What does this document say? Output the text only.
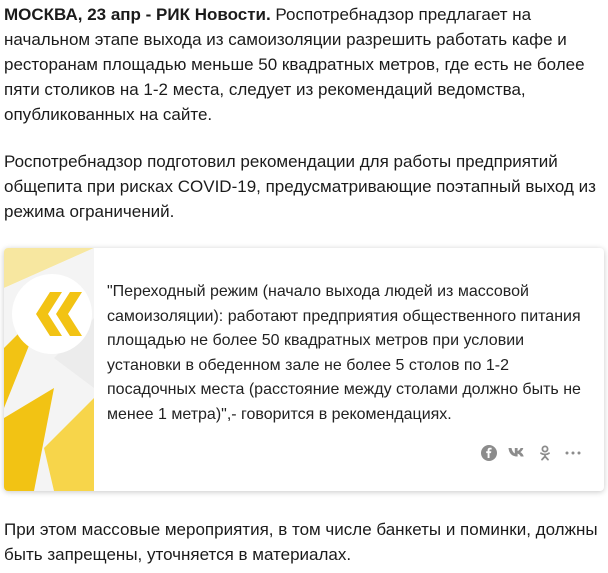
МОСКВА, 23 апр - РИК Новости. Роспотребнадзор предлагает на начальном этапе выхода из самоизоляции разрешить работать кафе и ресторанам площадью меньше 50 квадратных метров, где есть не более пяти столиков на 1-2 места, следует из рекомендаций ведомства, опубликованных на сайте.

Роспотребнадзор подготовил рекомендации для работы предприятий общепита при рисках COVID-19, предусматривающие поэтапный выход из режима ограничений.

"Переходный режим (начало выхода людей из массовой самоизоляции): работают предприятия общественного питания площадью не более 50 квадратных метров при условии установки в обеденном зале не более 5 столов по 1-2 посадочных места (расстояние между столами должно быть не менее 1 метра)",- говорится в рекомендациях.

При этом массовые мероприятия, в том числе банкеты и поминки, должны быть запрещены, уточняется в материалах.
